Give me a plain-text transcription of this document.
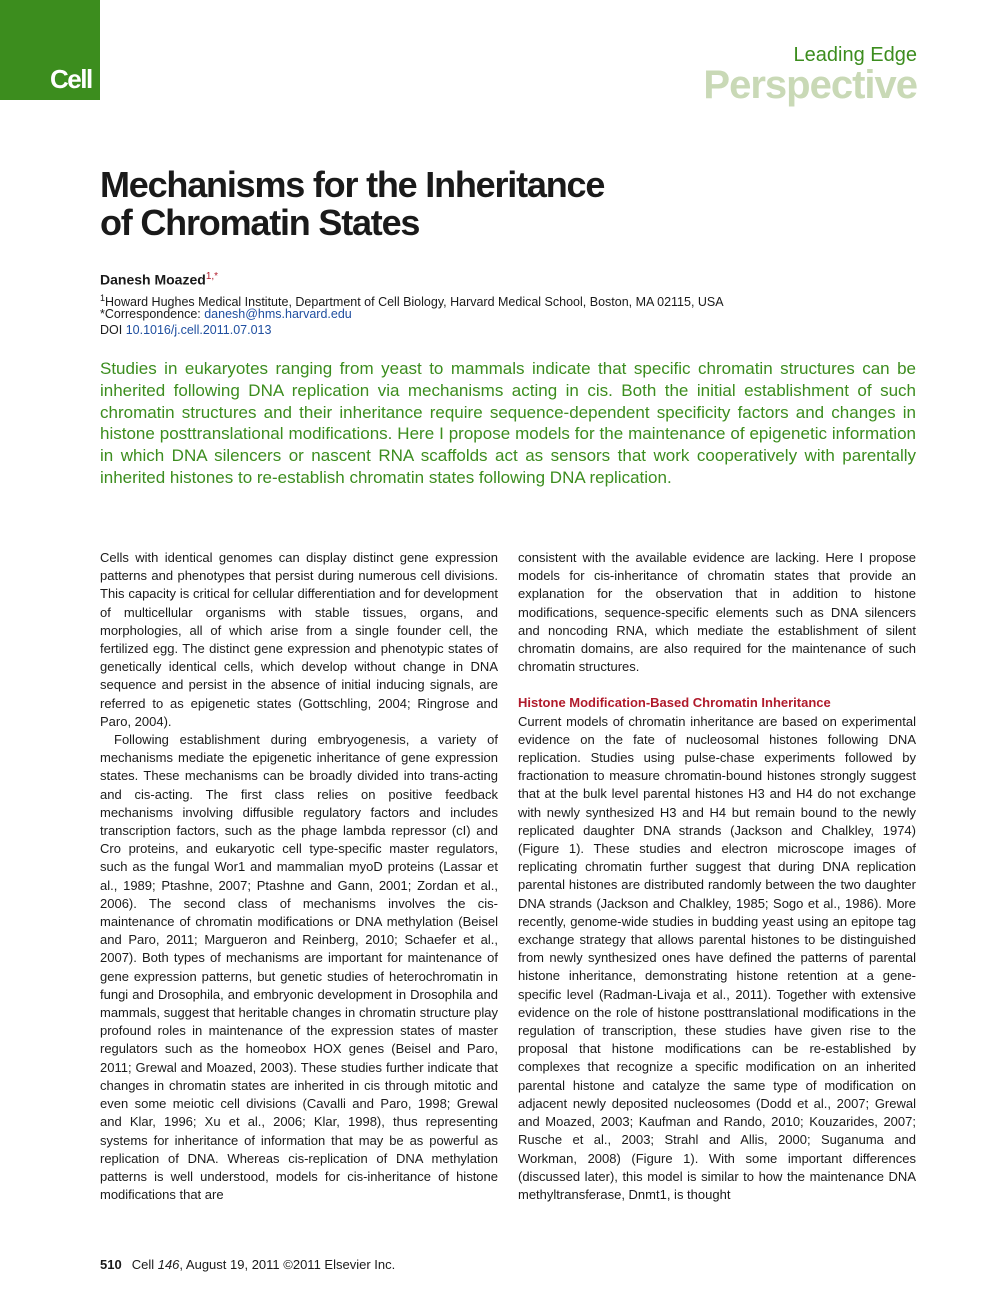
Cell
Leading Edge
Perspective
Mechanisms for the Inheritance
of Chromatin States
Danesh Moazed$^{1,*}$
$^1$Howard Hughes Medical Institute, Department of Cell Biology, Harvard Medical School, Boston, MA 02115, USA
*Correspondence: danesh@hms.harvard.edu
DOI 10.1016/j.cell.2011.07.013

Studies in eukaryotes ranging from yeast to mammals indicate that specific chromatin structures can be inherited following DNA replication via mechanisms acting in cis. Both the initial establishment of such chromatin structures and their inheritance require sequence-dependent specificity factors and changes in histone posttranslational modifications. Here I propose models for the maintenance of epigenetic information in which DNA silencers or nascent RNA scaffolds act as sensors that work cooperatively with parentally inherited histones to re-establish chromatin states following DNA replication.

Cells with identical genomes can display distinct gene expression patterns and phenotypes that persist during numerous cell divisions. This capacity is critical for cellular differentiation and for development of multicellular organisms with stable tissues, organs, and morphologies, all of which arise from a single founder cell, the fertilized egg. The distinct gene expression and phenotypic states of genetically identical cells, which develop without change in DNA sequence and persist in the absence of initial inducing signals, are referred to as epigenetic states (Gottschling, 2004; Ringrose and Paro, 2004).

Following establishment during embryogenesis, a variety of mechanisms mediate the epigenetic inheritance of gene expression states. These mechanisms can be broadly divided into trans-acting and cis-acting. The first class relies on positive feedback mechanisms involving diffusible regulatory factors and includes transcription factors, such as the phage lambda repressor (cI) and Cro proteins, and eukaryotic cell type-specific master regulators, such as the fungal Wor1 and mammalian myoD proteins (Lassar et al., 1989; Ptashne, 2007; Ptashne and Gann, 2001; Zordan et al., 2006). The second class of mechanisms involves the cis-maintenance of chromatin modifications or DNA methylation (Beisel and Paro, 2011; Margueron and Reinberg, 2010; Schaefer et al., 2007). Both types of mechanisms are important for maintenance of gene expression patterns, but genetic studies of heterochromatin in fungi and Drosophila, and embryonic development in Drosophila and mammals, suggest that heritable changes in chromatin structure play profound roles in maintenance of the expression states of master regulators such as the homeobox HOX genes (Beisel and Paro, 2011; Grewal and Moazed, 2003). These studies further indicate that changes in chromatin states are inherited in cis through mitotic and even some meiotic cell divisions (Cavalli and Paro, 1998; Grewal and Klar, 1996; Xu et al., 2006; Klar, 1998), thus representing systems for inheritance of information that may be as powerful as replication of DNA. Whereas cis-replication of DNA methylation patterns is well understood, models for cis-inheritance of histone modifications that are

consistent with the available evidence are lacking. Here I propose models for cis-inheritance of chromatin states that provide an explanation for the observation that in addition to histone modifications, sequence-specific elements such as DNA silencers and noncoding RNA, which mediate the establishment of silent chromatin domains, are also required for the maintenance of such chromatin structures.

Histone Modification-Based Chromatin Inheritance

Current models of chromatin inheritance are based on experimental evidence on the fate of nucleosomal histones following DNA replication. Studies using pulse-chase experiments followed by fractionation to measure chromatin-bound histones strongly suggest that at the bulk level parental histones H3 and H4 do not exchange with newly synthesized H3 and H4 but remain bound to the newly replicated daughter DNA strands (Jackson and Chalkley, 1974) (Figure 1). These studies and electron microscope images of replicating chromatin further suggest that during DNA replication parental histones are distributed randomly between the two daughter DNA strands (Jackson and Chalkley, 1985; Sogo et al., 1986). More recently, genome-wide studies in budding yeast using an epitope tag exchange strategy that allows parental histones to be distinguished from newly synthesized ones have defined the patterns of parental histone inheritance, demonstrating histone retention at a gene-specific level (Radman-Livaja et al., 2011). Together with extensive evidence on the role of histone posttranslational modifications in the regulation of transcription, these studies have given rise to the proposal that histone modifications can be re-established by complexes that recognize a specific modification on an inherited parental histone and catalyze the same type of modification on adjacent newly deposited nucleosomes (Dodd et al., 2007; Grewal and Moazed, 2003; Kaufman and Rando, 2010; Kouzarides, 2007; Rusche et al., 2003; Strahl and Allis, 2000; Suganuma and Workman, 2008) (Figure 1). With some important differences (discussed later), this model is similar to how the maintenance DNA methyltransferase, Dnmt1, is thought

510 Cell 146, August 19, 2011 ©2011 Elsevier Inc.
